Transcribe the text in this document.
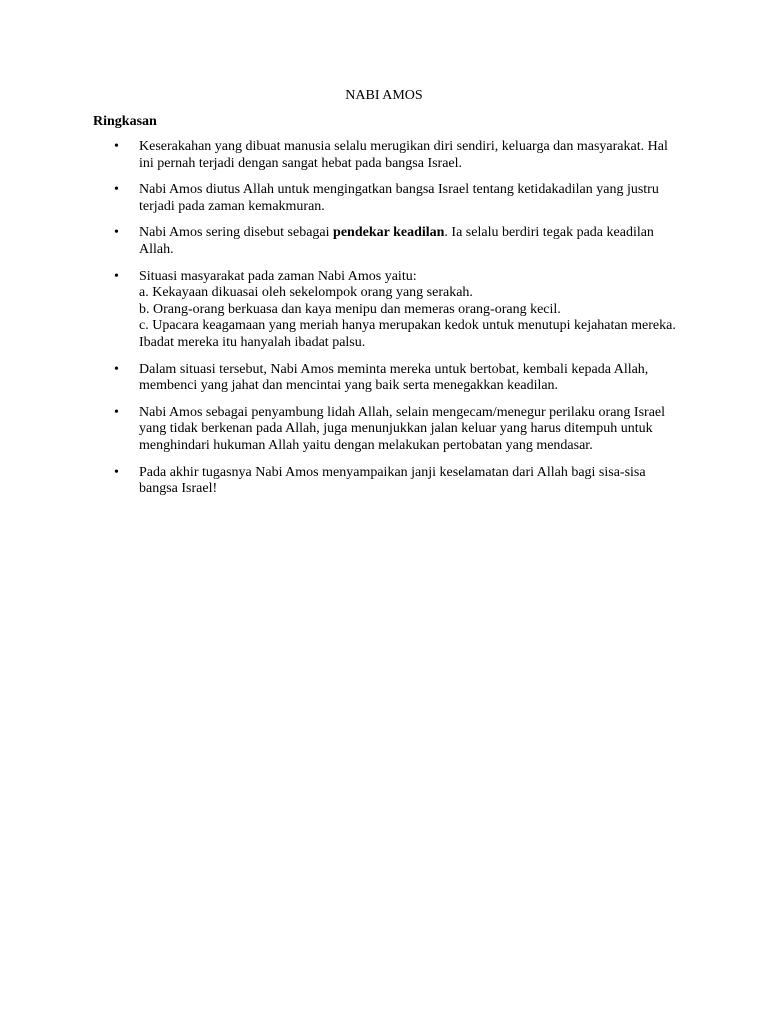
NABI AMOS
Ringkasan
• Keserakahan yang dibuat manusia selalu merugikan diri sendiri, keluarga dan masyarakat. Hal ini pernah terjadi dengan sangat hebat pada bangsa Israel.
• Nabi Amos diutus Allah untuk mengingatkan bangsa Israel tentang ketidakadilan yang justru terjadi pada zaman kemakmuran.
• Nabi Amos sering disebut sebagai pendekar keadilan. Ia selalu berdiri tegak pada keadilan Allah.
• Situasi masyarakat pada zaman Nabi Amos yaitu:
a. Kekayaan dikuasai oleh sekelompok orang yang serakah.
b. Orang-orang berkuasa dan kaya menipu dan memeras orang-orang kecil.
c. Upacara keagamaan yang meriah hanya merupakan kedok untuk menutupi kejahatan mereka. Ibadat mereka itu hanyalah ibadat palsu.
• Dalam situasi tersebut, Nabi Amos meminta mereka untuk bertobat, kembali kepada Allah, membenci yang jahat dan mencintai yang baik serta menegakkan keadilan.
• Nabi Amos sebagai penyambung lidah Allah, selain mengecam/menegur perilaku orang Israel yang tidak berkenan pada Allah, juga menunjukkan jalan keluar yang harus ditempuh untuk menghindari hukuman Allah yaitu dengan melakukan pertobatan yang mendasar.
• Pada akhir tugasnya Nabi Amos menyampaikan janji keselamatan dari Allah bagi sisa-sisa bangsa Israel!
